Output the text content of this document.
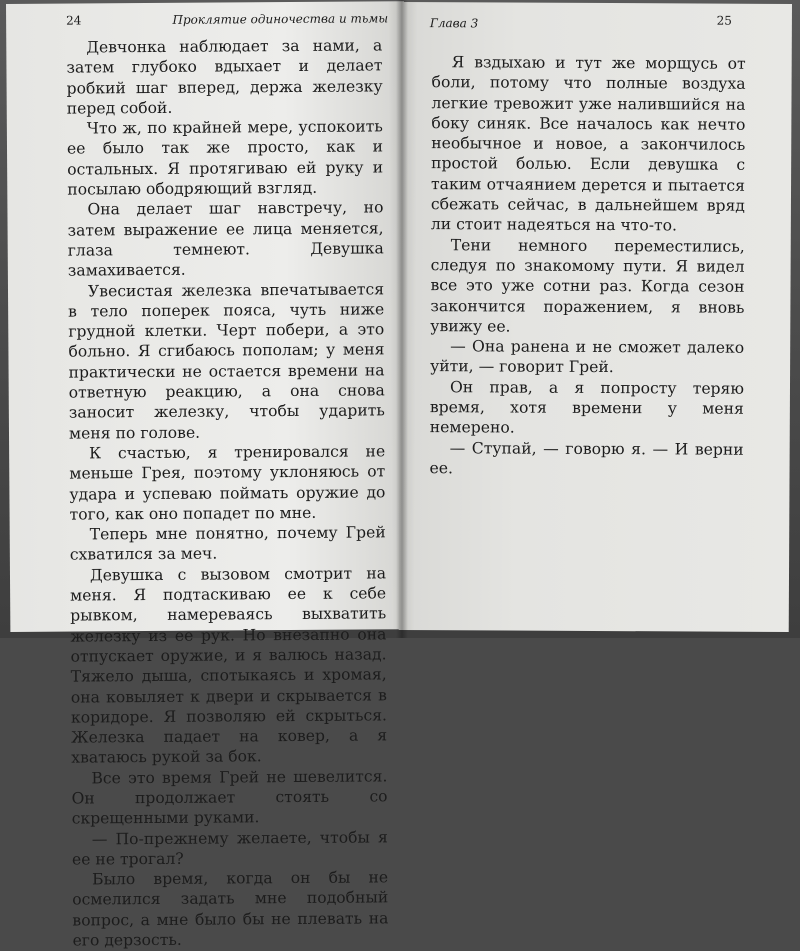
24	Проклятие одиночества и тьмы

Девчонка наблюдает за нами, а затем глубоко вдыхает и делает робкий шаг вперед, держа железку перед собой.

Что ж, по крайней мере, успокоить ее было так же просто, как и остальных. Я протягиваю ей руку и посылаю ободряющий взгляд.

Она делает шаг навстречу, но затем выражение ее лица меняется, глаза темнеют. Девушка замахивается.

Увесистая железка впечатывается в тело поперек пояса, чуть ниже грудной клетки. Черт побери, а это больно. Я сгибаюсь пополам; у меня практически не остается времени на ответную реакцию, а она снова заносит железку, чтобы ударить меня по голове.

К счастью, я тренировался не меньше Грея, поэтому уклоняюсь от удара и успеваю поймать оружие до того, как оно попадет по мне.

Теперь мне понятно, почему Грей схватился за меч.

Девушка с вызовом смотрит на меня. Я подтаскиваю ее к себе рывком, намереваясь выхватить железку из ее рук. Но внезапно она отпускает оружие, и я валюсь назад. Тяжело дыша, спотыкаясь и хромая, она ковыляет к двери и скрывается в коридоре. Я позволяю ей скрыться. Железка падает на ковер, а я хватаюсь рукой за бок.

Все это время Грей не шевелится. Он продолжает стоять со скрещенными руками.

— По-прежнему желаете, чтобы я ее не трогал?

Было время, когда он бы не осмелился задать мне подобный вопрос, а мне было бы не плевать на его дерзость.

Глава 3	25

Я вздыхаю и тут же морщусь от боли, потому что полные воздуха легкие тревожит уже налившийся на боку синяк. Все началось как нечто необычное и новое, а закончилось простой болью. Если девушка с таким отчаянием дерется и пытается сбежать сейчас, в дальнейшем вряд ли стоит надеяться на что-то.

Тени немного переместились, следуя по знакомому пути. Я видел все это уже сотни раз. Когда сезон закончится поражением, я вновь увижу ее.

— Она ранена и не сможет далеко уйти, — говорит Грей.

Он прав, а я попросту теряю время, хотя времени у меня немерено.

— Ступай, — говорю я. — И верни ее.
